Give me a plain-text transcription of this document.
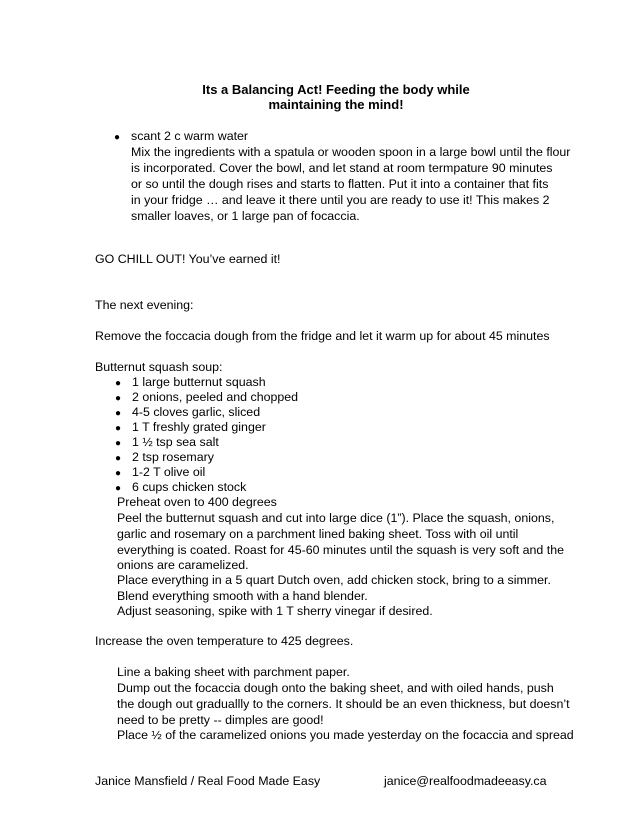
Its a Balancing Act! Feeding the body while
maintaining the mind!
● scant 2 c warm water
Mix the ingredients with a spatula or wooden spoon in a large bowl until the flour
is incorporated. Cover the bowl, and let stand at room termpature 90 minutes
or so until the dough rises and starts to flatten. Put it into a container that fits
in your fridge … and leave it there until you are ready to use it! This makes 2
smaller loaves, or 1 large pan of focaccia.
GO CHILL OUT! You’ve earned it!
The next evening:
Remove the foccacia dough from the fridge and let it warm up for about 45 minutes
Butternut squash soup:
● 1 large butternut squash
● 2 onions, peeled and chopped
● 4-5 cloves garlic, sliced
● 1 T freshly grated ginger
● 1 ½ tsp sea salt
● 2 tsp rosemary
● 1-2 T olive oil
● 6 cups chicken stock
Preheat oven to 400 degrees
Peel the butternut squash and cut into large dice (1”). Place the squash, onions,
garlic and rosemary on a parchment lined baking sheet. Toss with oil until
everything is coated. Roast for 45-60 minutes until the squash is very soft and the
onions are caramelized.
Place everything in a 5 quart Dutch oven, add chicken stock, bring to a simmer.
Blend everything smooth with a hand blender.
Adjust seasoning, spike with 1 T sherry vinegar if desired.
Increase the oven temperature to 425 degrees.
Line a baking sheet with parchment paper.
Dump out the focaccia dough onto the baking sheet, and with oiled hands, push
the dough out graduallly to the corners. It should be an even thickness, but doesn’t
need to be pretty -- dimples are good!
Place ½ of the caramelized onions you made yesterday on the focaccia and spread
Janice Mansfield / Real Food Made Easy	janice@realfoodmadeeasy.ca
